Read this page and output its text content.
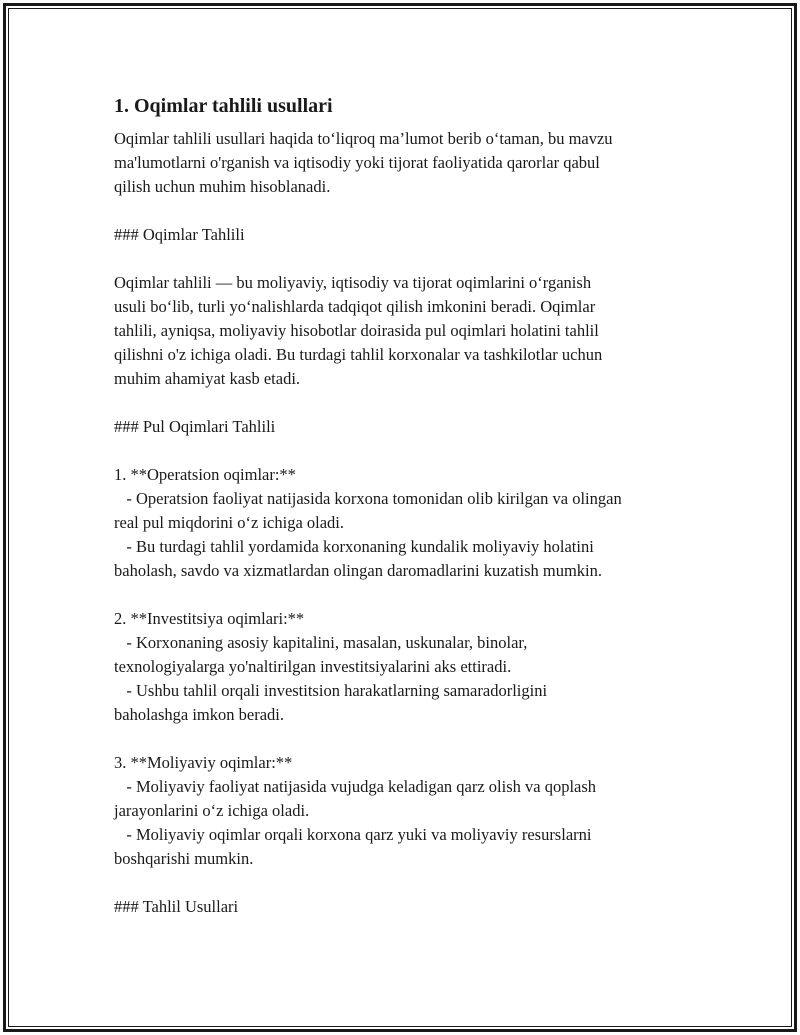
1. Oqimlar tahlili usullari

Oqimlar tahlili usullari haqida to‘liqroq ma’lumot berib o‘taman, bu mavzu
ma'lumotlarni o'rganish va iqtisodiy yoki tijorat faoliyatida qarorlar qabul
qilish uchun muhim hisoblanadi.

### Oqimlar Tahlili

Oqimlar tahlili — bu moliyaviy, iqtisodiy va tijorat oqimlarini o‘rganish
usuli bo‘lib, turli yo‘nalishlarda tadqiqot qilish imkonini beradi. Oqimlar
tahlili, ayniqsa, moliyaviy hisobotlar doirasida pul oqimlari holatini tahlil
qilishni o'z ichiga oladi. Bu turdagi tahlil korxonalar va tashkilotlar uchun
muhim ahamiyat kasb etadi.

### Pul Oqimlari Tahlili

1. **Operatsion oqimlar:**
- Operatsion faoliyat natijasida korxona tomonidan olib kirilgan va olingan
real pul miqdorini o‘z ichiga oladi.
- Bu turdagi tahlil yordamida korxonaning kundalik moliyaviy holatini
baholash, savdo va xizmatlardan olingan daromadlarini kuzatish mumkin.

2. **Investitsiya oqimlari:**
- Korxonaning asosiy kapitalini, masalan, uskunalar, binolar,
texnologiyalarga yo'naltirilgan investitsiyalarini aks ettiradi.
- Ushbu tahlil orqali investitsion harakatlarning samaradorligini
baholashga imkon beradi.

3. **Moliyaviy oqimlar:**
- Moliyaviy faoliyat natijasida vujudga keladigan qarz olish va qoplash
jarayonlarini o‘z ichiga oladi.
- Moliyaviy oqimlar orqali korxona qarz yuki va moliyaviy resurslarni
boshqarishi mumkin.

### Tahlil Usullari
